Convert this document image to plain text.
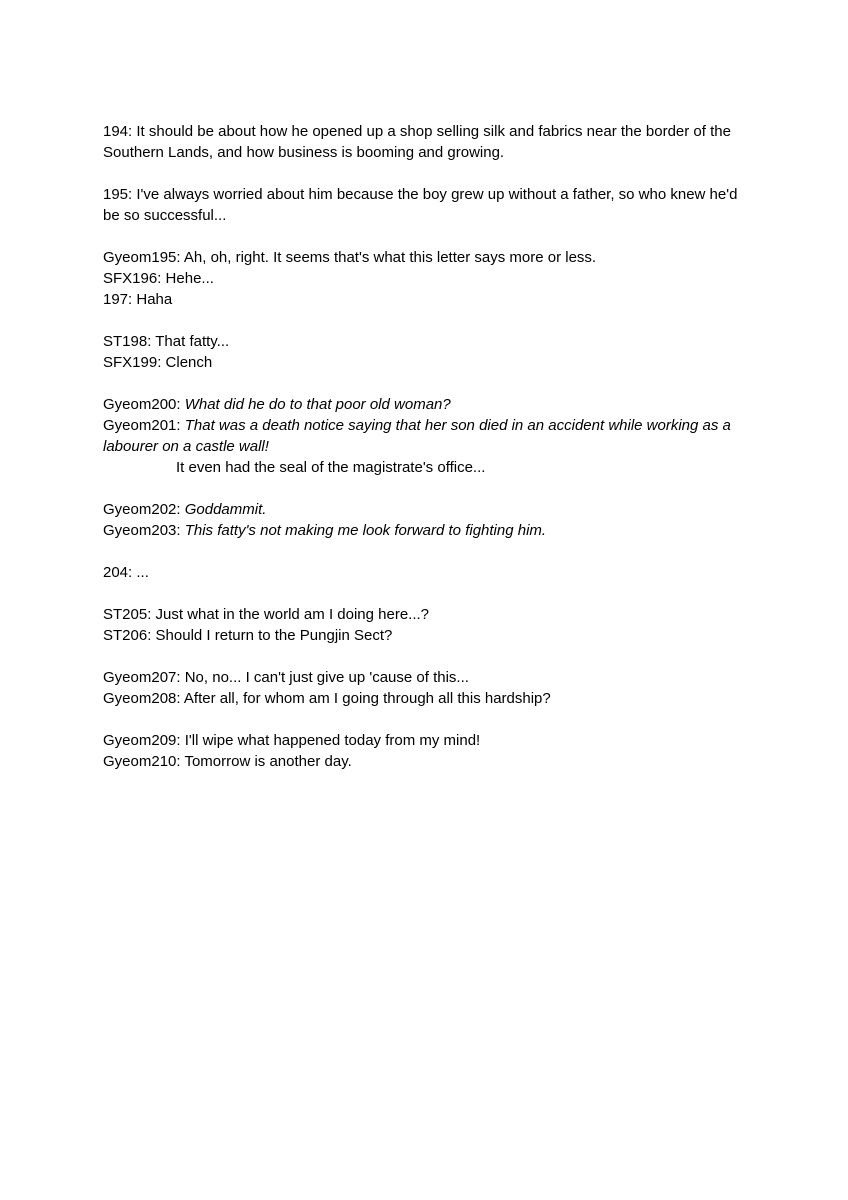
194: It should be about how he opened up a shop selling silk and fabrics near the border of the Southern Lands, and how business is booming and growing.
195: I've always worried about him because the boy grew up without a father, so who knew he'd be so successful...
Gyeom195: Ah, oh, right. It seems that's what this letter says more or less.
SFX196: Hehe...
197: Haha
ST198: That fatty...
SFX199: Clench
Gyeom200: What did he do to that poor old woman?
Gyeom201: That was a death notice saying that her son died in an accident while working as a labourer on a castle wall!
It even had the seal of the magistrate's office...
Gyeom202: Goddammit.
Gyeom203: This fatty's not making me look forward to fighting him.
204: ...
ST205: Just what in the world am I doing here...?
ST206: Should I return to the Pungjin Sect?
Gyeom207: No, no... I can't just give up 'cause of this...
Gyeom208: After all, for whom am I going through all this hardship?
Gyeom209: I'll wipe what happened today from my mind!
Gyeom210: Tomorrow is another day.
